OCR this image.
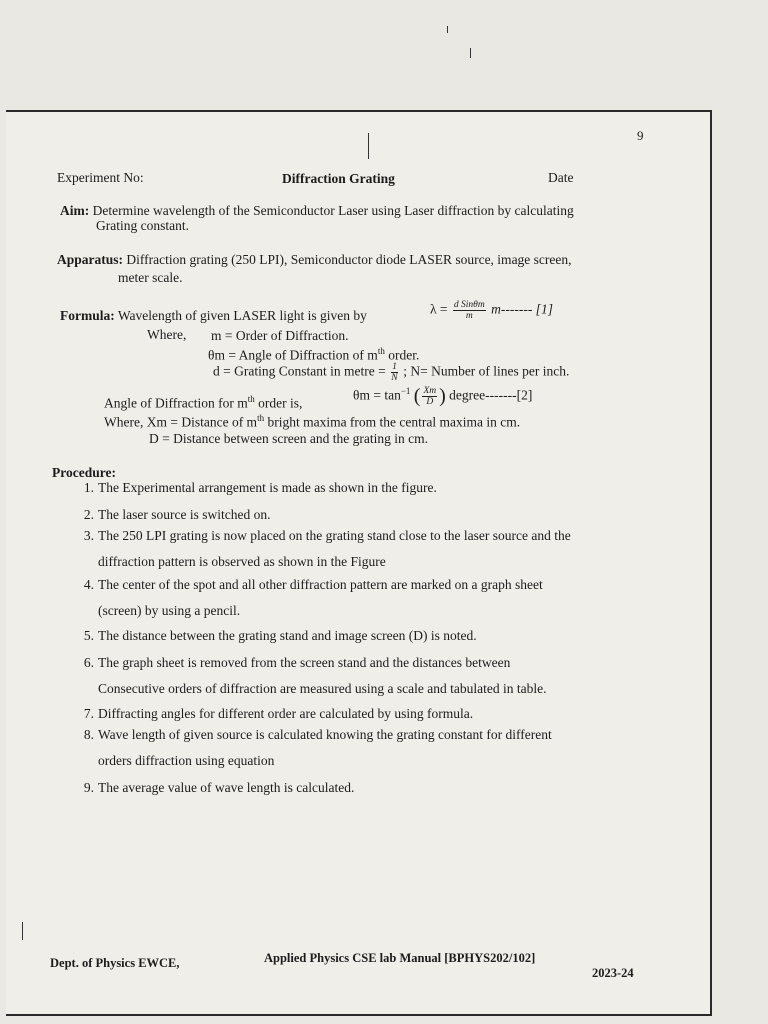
9
Experiment No:	Diffraction Grating	Date
Aim: Determine wavelength of the Semiconductor Laser using Laser diffraction by calculating
Grating constant.
Apparatus: Diffraction grating (250 LPI), Semiconductor diode LASER source, image screen,
meter scale.
Formula: Wavelength of given LASER light is given by	$\lambda = \frac{\text{d Sinθm}}{m} m-------$ [1]
Where, m = Order of Diffraction.
θm = Angle of Diffraction of $m^{th}$ order.
d = Grating Constant in metre = $\frac{1}{N}$ ; N= Number of lines per inch.
Angle of Diffraction for $m^{th}$ order is,
$\theta m = \tan^{-1}$ ( $\frac{Xm}{D}$ ) degree-------[2]
Where, Xm = Distance of $m^{th}$ bright maxima from the central maxima in cm.
D = Distance between screen and the grating in cm.
Procedure:
1. The Experimental arrangement is made as shown in the figure.
2. The laser source is switched on.
3. The 250 LPI grating is now placed on the grating stand close to the laser source and the
diffraction pattern is observed as shown in the Figure
4. The center of the spot and all other diffraction pattern are marked on a graph sheet
(screen) by using a pencil.
5. The distance between the grating stand and image screen (D) is noted.
6. The graph sheet is removed from the screen stand and the distances between
Consecutive orders of diffraction are measured using a scale and tabulated in table.
7. Diffracting angles for different order are calculated by using formula.
8. Wave length of given source is calculated knowing the grating constant for different
orders diffraction using equation
9. The average value of wave length is calculated.
Dept. of Physics EWCE,	Applied Physics CSE lab Manual [BPHYS202/102]
2023-24
